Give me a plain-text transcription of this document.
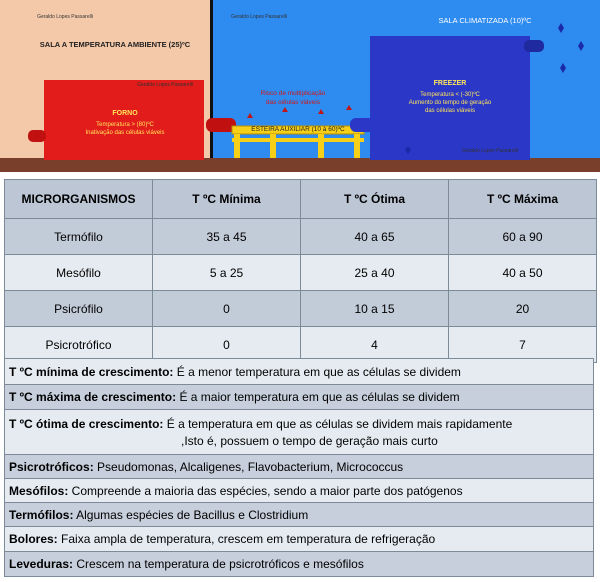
SALA A TEMPERATURA AMBIENTE (25)ºC
Geraldo Lopes Passarelli	SALA CLIMATIZADA (10)ºC
Geraldo Lopes Passarelli
Geraldo Lopes Passarelli
FORNO
Temperatura > (80)ºC
Inativação das células viáveis
Risco de multiplicação
das células viáveis
ESTEIRA AUXILIAR (10 à 60)ºC
FREEZER
Temperatura < (-30)ºC
Aumento do tempo de geração
das células viáveis
Geraldo Lopes Passarelli
MICRORGANISMOS	T ºC Mínima	T ºC Ótima	T ºC Máxima
Termófilo	35 a 45	40 a 65	60 a 90
Mesófilo	5 a 25	25 a 40	40 a 50
Psicrófilo	0	10 a 15	20
Psicrotrófico	0	4	7
T ºC mínima de crescimento: É a menor temperatura em que as células se dividem
T ºC máxima de crescimento: É a maior temperatura em que as células se dividem
T ºC ótima de crescimento: É a temperatura em que as células se dividem mais rapidamente
,Isto é, possuem o tempo de geração mais curto
Psicrotróficos: Pseudomonas, Alcaligenes, Flavobacterium, Micrococcus
Mesófilos: Compreende a maioria das espécies, sendo a maior parte dos patógenos
Termófilos: Algumas espécies de Bacillus e Clostridium
Bolores: Faixa ampla de temperatura, crescem em temperatura de refrigeração
Leveduras: Crescem na temperatura de psicrotróficos e mesófilos
